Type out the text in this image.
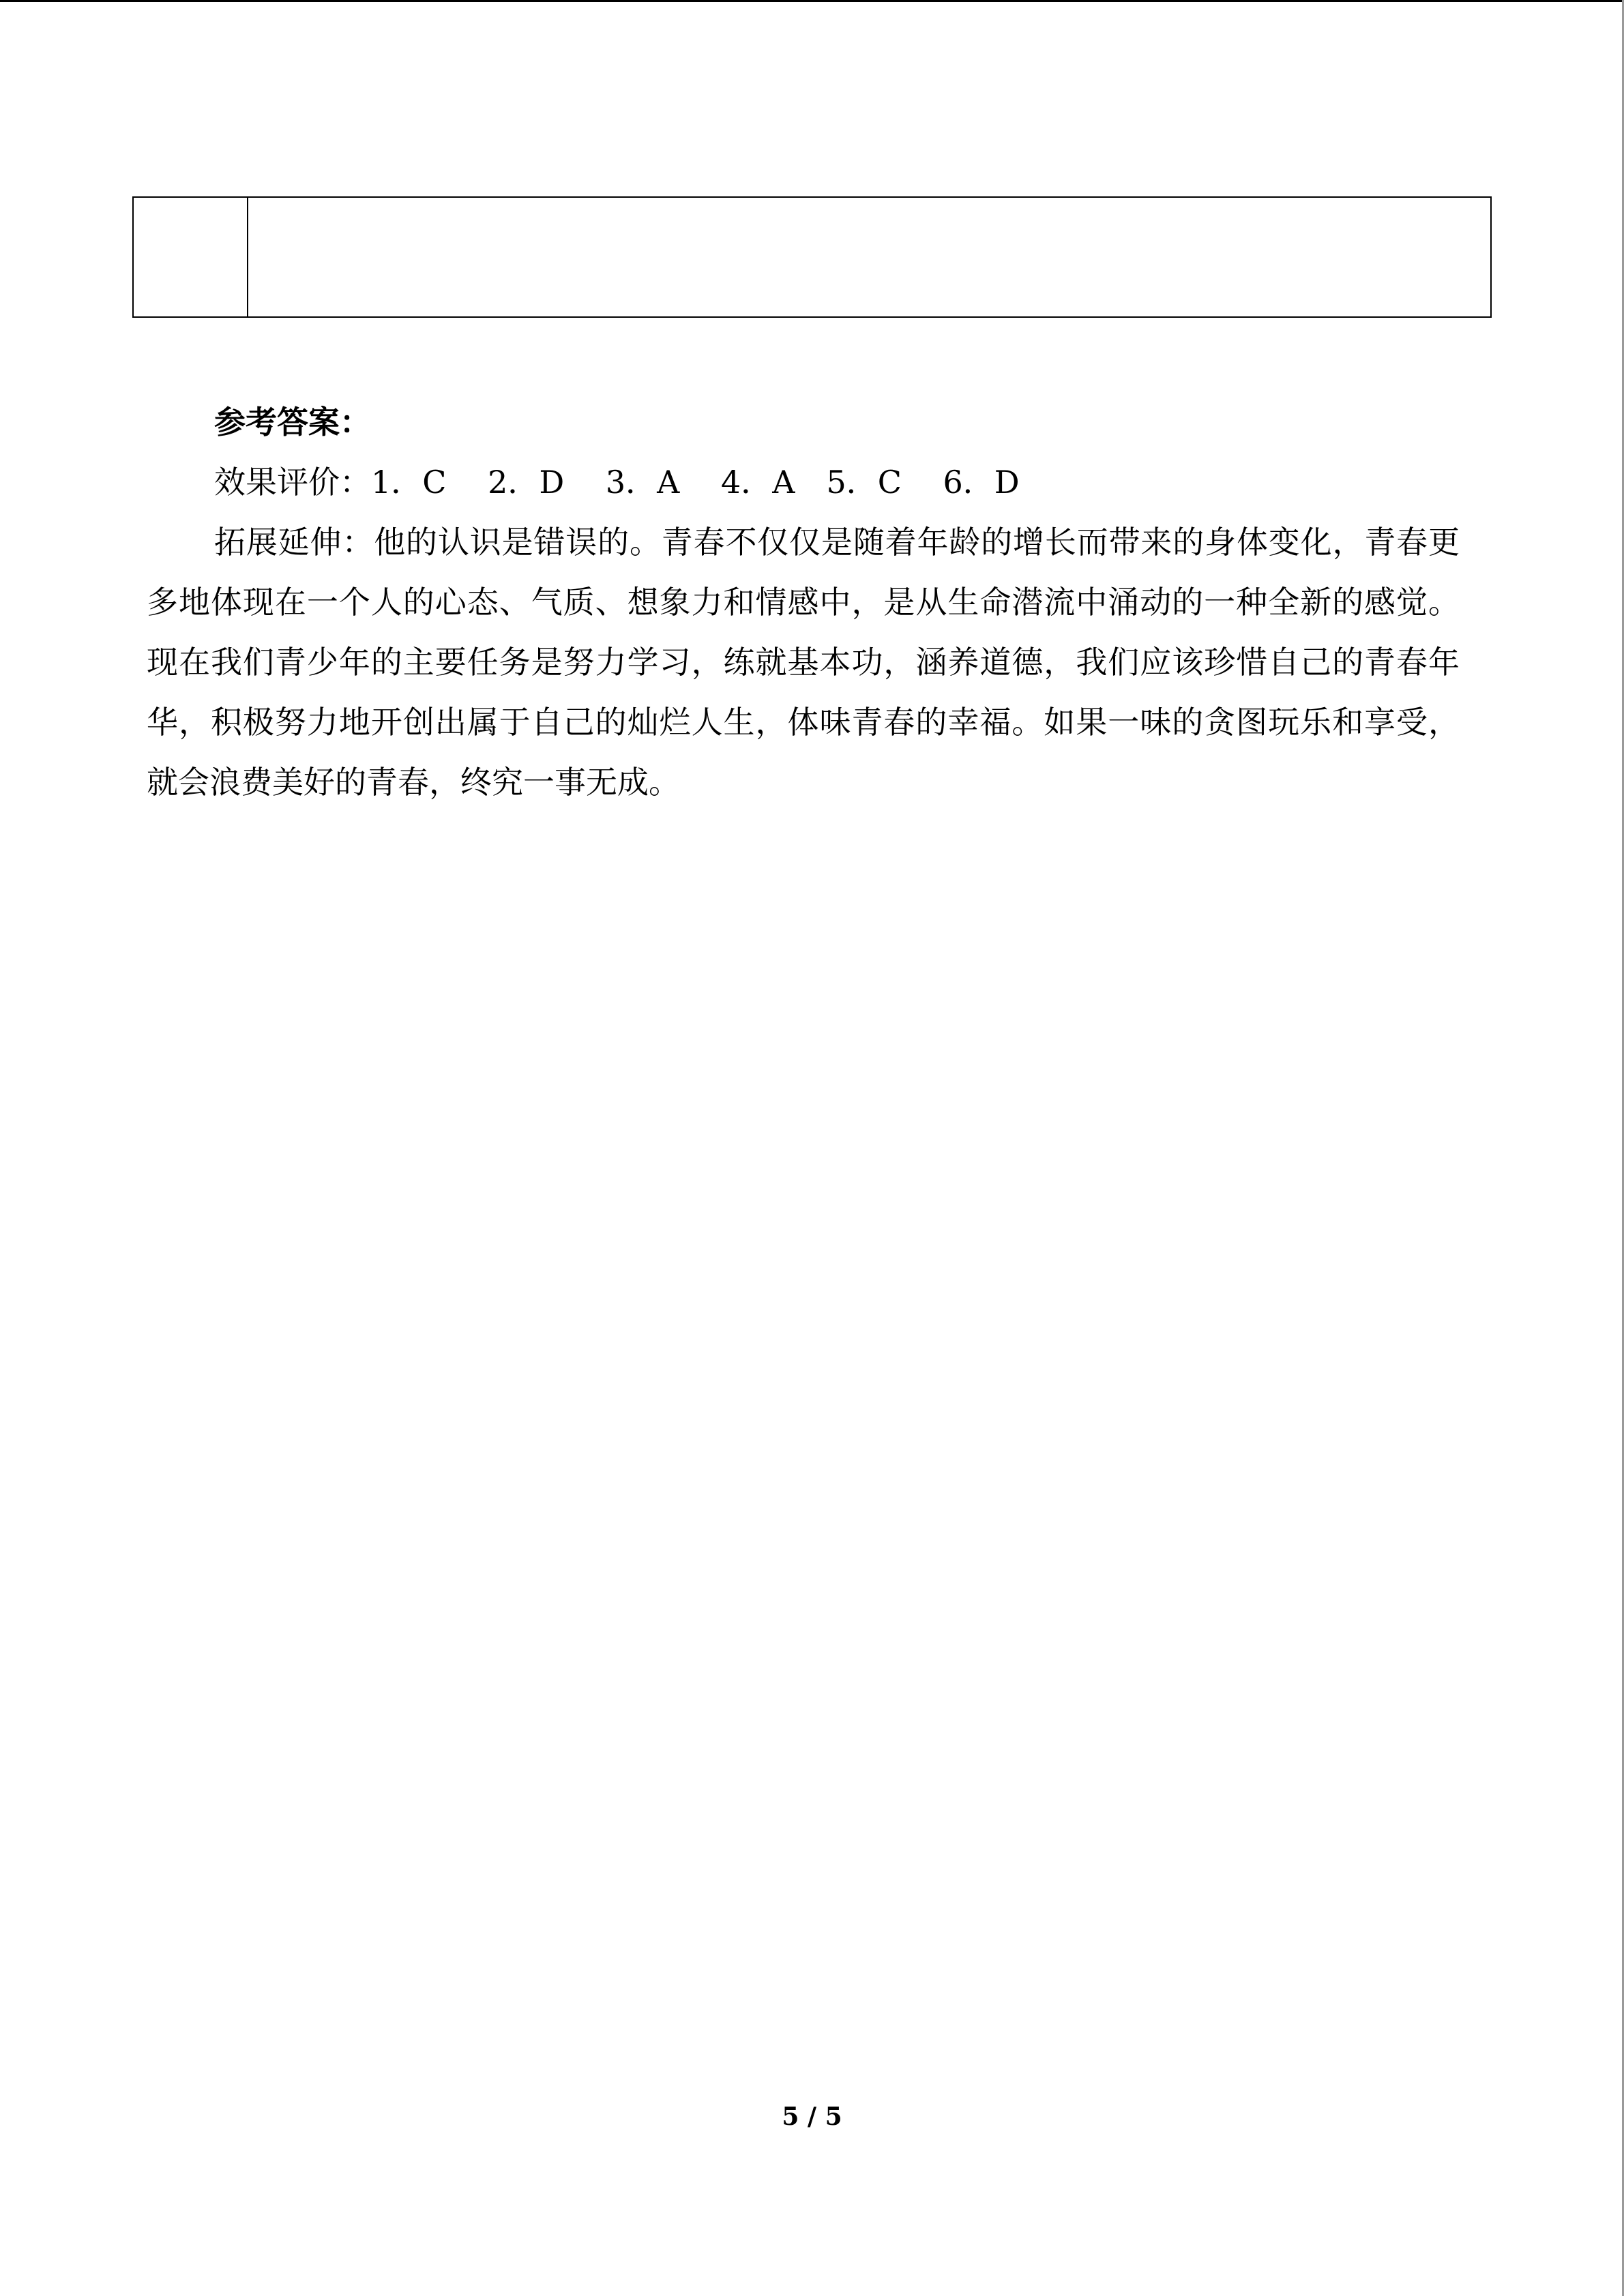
参考答案：
效果评价：1．C　 2．D　 3．A　 4．A　5．C　 6．D

拓展延伸：他的认识是错误的。青春不仅仅是随着年龄的增长而带来的身体变化，青春更多地体现在一个人的心态、气质、想象力和情感中，是从生命潜流中涌动的一种全新的感觉。现在我们青少年的主要任务是努力学习，练就基本功，涵养道德，我们应该珍惜自己的青春年华，积极努力地开创出属于自己的灿烂人生，体味青春的幸福。如果一味的贪图玩乐和享受，就会浪费美好的青春，终究一事无成。

5 / 5
